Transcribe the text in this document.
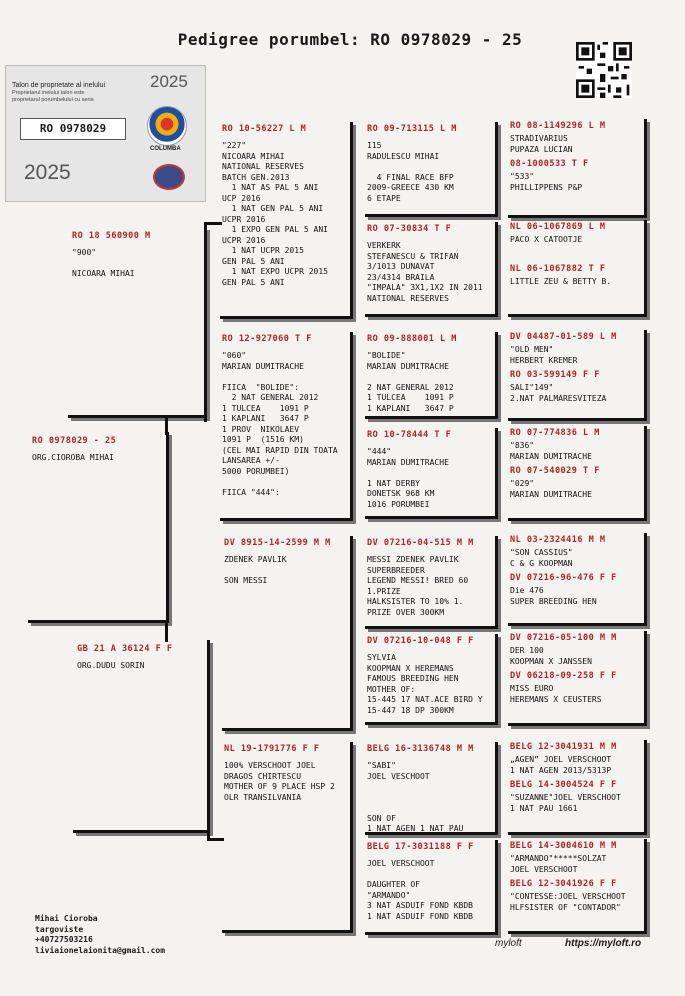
Pedigree porumbel: RO 0978029 - 25
Talon de proprietate al inelului
Proprietarul inelului talon este
proprietarul porumbelului cu seria
RO 0978029
2025
2025
COLUMBA
RO 0978029 - 25
ORG.CIOROBA MIHAI
RO 18 560900 M
"900"

NICOARA MIHAI
GB 21 A 36124 F F
ORG.DUDU SORIN
RO 10-56227 L M
"227"
NICOARA MIHAI
NATIONAL RESERVES
BATCH GEN.2013
1 NAT AS PAL 5 ANI
UCP 2016
1 NAT GEN PAL 5 ANI
UCPR 2016
1 EXPO GEN PAL 5 ANI
UCPR 2016
1 NAT UCPR 2015
GEN PAL 5 ANI
1 NAT EXPO UCPR 2015
GEN PAL 5 ANI
RO 12-927060 T F
"060"
MARIAN DUMITRACHE

FIICA  "BOLIDE":
2 NAT GENERAL 2012
1 TULCEA    1091 P
1 KAPLANI   3647 P
1 PROV  NIKOLAEV
1091 P  (1516 KM)
(CEL MAI RAPID DIN TOATA
LANSAREA +/-
5000 PORUMBEI)

FIICA "444":
DV 8915-14-2599 M M
ZDENEK PAVLIK

SON MESSI
NL 19-1791776 F F
100% VERSCHOOT JOEL
DRAGOS CHIRTESCU
MOTHER OF 9 PLACE HSP 2
OLR TRANSILVANIA
RO 09-713115 L M
115
RADULESCU MIHAI

4 FINAL RACE BFP
2009-GREECE 430 KM
6 ETAPE
RO 07-30834 T F
VERKERK
STEFANESCU & TRIFAN
3/1013 DUNAVAT
23/4314 BRAILA
"IMPALA" 3X1,1X2 IN 2011
NATIONAL RESERVES
RO 09-888001 L M
"BOLIDE"
MARIAN DUMITRACHE

2 NAT GENERAL 2012
1 TULCEA    1091 P
1 KAPLANI   3647 P
RO 10-78444 T F
"444"
MARIAN DUMITRACHE

1 NAT DERBY
DONETSK 968 KM
1016 PORUMBEI
DV 07216-04-515 M M
MESSI ZDENEK PAVLIK
SUPERBREEDER
LEGEND MESSI! BRED 60
1.PRIZE
HALKSISTER TO 10% 1.
PRIZE OVER 300KM
DV 07216-10-048 F F
SYLVIA
KOOPMAN X HEREMANS
FAMOUS BREEDING HEN
MOTHER OF:
15-445 17 NAT.ACE BIRD Y
15-447 18 DP 300KM
BELG 16-3136748 M M
"SABI"
JOEL VESCHOOT

SON OF
1 NAT AGEN 1 NAT PAU
BELG 17-3031188 F F
JOEL VERSCHOOT

DAUGHTER OF
"ARMANDO"
3 NAT ASDUIF FOND KBDB
1 NAT ASDUIF FOND KBDB
RO 08-1149296 L M
STRADIVARIUS
PUPAZA LUCIAN
08-1000533 T F
"533"
PHILLIPPENS P&P
NL 06-1067869 L M
PACO X CATOOTJE
NL 06-1067882 T F
LITTLE ZEU & BETTY B.
DV 04487-01-589 L M
"OLD MEN"
HERBERT KREMER
RO 03-599149 F F
SALI"149"
2.NAT PALMARESVITEZA
RO 07-774836 L M
"836"
MARIAN DUMITRACHE
RO 07-540029 T F
"029"
MARIAN DUMITRACHE
NL 03-2324416 M M
"SON CASSIUS"
C & G KOOPMAN
DV 07216-96-476 F F
Die 476
SUPER BREEDING HEN
DV 07216-05-100 M M
DER 100
KOOPMAN X JANSSEN
DV 06218-09-258 F F
MISS EURO
HEREMANS X CEUSTERS
BELG 12-3041931 M M
„AGEN” JOEL VERSCHOOT
1 NAT AGEN 2013/5313P
BELG 14-3004524 F F
"SUZANNE"JOEL VERSCHOOT
1 NAT PAU 1661
BELG 14-3004610 M M
"ARMANDO"*****SOLZAT
JOEL VERSCHOOT
BELG 12-3041926 F F
"CONTESSE:JOEL VERSCHOOT
HLFSISTER OF "CONTADOR"
Mihai Cioroba
targoviste
+40727503216
liviaionelaionita@gmail.com
myloft	https://myloft.ro
